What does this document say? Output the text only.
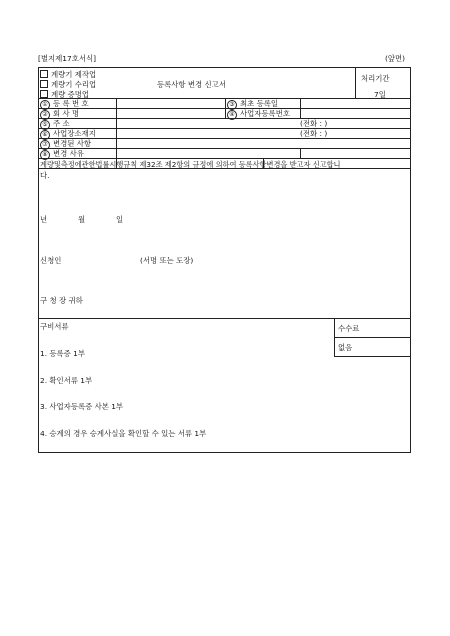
[별지제17호서식]	(앞면)
계량기 제작업
계량기 수리업
계량 증명업
등록사항 변경 신고서
처리기간
7일
① 등 록 번 호	③ 최초 등록일
② 회 사 명	④ 사업자등록번호
⑤ 주 소	(전화 : )
⑥ 사업장소재지	(전화 : )
⑦ 변경된 사항
⑧ 변경 사유
계량및측정에관한법률시행규칙 제32조 제2항의 규정에 의하여 등록사항변경을 받고자 신고합니
다.
년	월	일
신청인	(서명 또는 도장)
구 청 장 귀하
구비서류	수수료
없음
1. 등록증 1부
2. 확인서류 1부
3. 사업자등록증 사본 1부
4. 승계의 경우 승계사실을 확인할 수 있는 서류 1부
